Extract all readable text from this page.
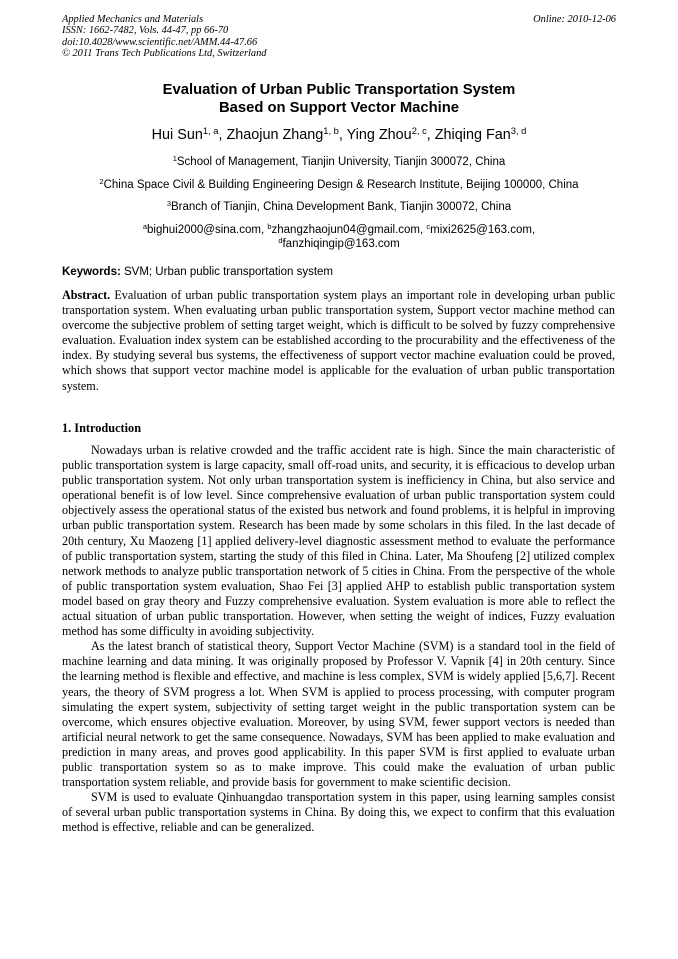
Applied Mechanics and Materials
ISSN: 1662-7482, Vols. 44-47, pp 66-70
doi:10.4028/www.scientific.net/AMM.44-47.66
© 2011 Trans Tech Publications Ltd, Switzerland
Online: 2010-12-06
Evaluation of Urban Public Transportation System
Based on Support Vector Machine
Hui Sun$^{1, a}$, Zhaojun Zhang$^{1, b}$, Ying Zhou$^{2, c}$, Zhiqing Fan$^{3, d}$
$^1$School of Management, Tianjin University, Tianjin 300072, China
$^2$China Space Civil & Building Engineering Design & Research Institute, Beijing 100000, China
$^3$Branch of Tianjin, China Development Bank, Tianjin 300072, China
$^a$bighui2000@sina.com, $^b$zhangzhaojun04@gmail.com, $^c$mixi2625@163.com,
$^d$fanzhiqingip@163.com
Keywords: SVM; Urban public transportation system

Abstract. Evaluation of urban public transportation system plays an important role in developing urban public transportation system. When evaluating urban public transportation system, Support vector machine method can overcome the subjective problem of setting target weight, which is difficult to be solved by fuzzy comprehensive evaluation. Evaluation index system can be established according to the procurability and the effectiveness of the index. By studying several bus systems, the effectiveness of support vector machine evaluation could be proved, which shows that support vector machine model is applicable for the evaluation of urban public transportation system.

1. Introduction

Nowadays urban is relative crowded and the traffic accident rate is high. Since the main characteristic of public transportation system is large capacity, small off-road units, and security, it is efficacious to develop urban public transportation system. Not only urban transportation system is inefficiency in China, but also service and operational benefit is of low level. Since comprehensive evaluation of urban public transportation system could objectively assess the operational status of the existed bus network and found problems, it is helpful in improving urban public transportation system. Research has been made by some scholars in this filed. In the last decade of 20th century, Xu Maozeng [1] applied delivery-level diagnostic assessment method to evaluate the performance of public transportation system, starting the study of this filed in China. Later, Ma Shoufeng [2] utilized complex network methods to analyze public transportation network of 5 cities in China. From the perspective of the whole of public transportation system evaluation, Shao Fei [3] applied AHP to establish public transportation system model based on gray theory and Fuzzy comprehensive evaluation. System evaluation is more able to reflect the actual situation of urban public transportation. However, when setting the weight of indices, Fuzzy evaluation method has some difficulty in avoiding subjectivity.

As the latest branch of statistical theory, Support Vector Machine (SVM) is a standard tool in the field of machine learning and data mining. It was originally proposed by Professor V. Vapnik [4] in 20th century. Since the learning method is flexible and effective, and machine is less complex, SVM is widely applied [5,6,7]. Recent years, the theory of SVM progress a lot. When SVM is applied to process processing, with computer program simulating the expert system, subjectivity of setting target weight in the public transportation system can be overcome, which ensures objective evaluation. Moreover, by using SVM, fewer support vectors is needed than artificial neural network to get the same consequence. Nowadays, SVM has been applied to make evaluation and prediction in many areas, and proves good applicability. In this paper SVM is first applied to evaluate urban public transportation system so as to make improve. This could make the evaluation of urban public transportation system reliable, and provide basis for government to make scientific decision.

SVM is used to evaluate Qinhuangdao transportation system in this paper, using learning samples consist of several urban public transportation systems in China. By doing this, we expect to confirm that this evaluation method is effective, reliable and can be generalized.
